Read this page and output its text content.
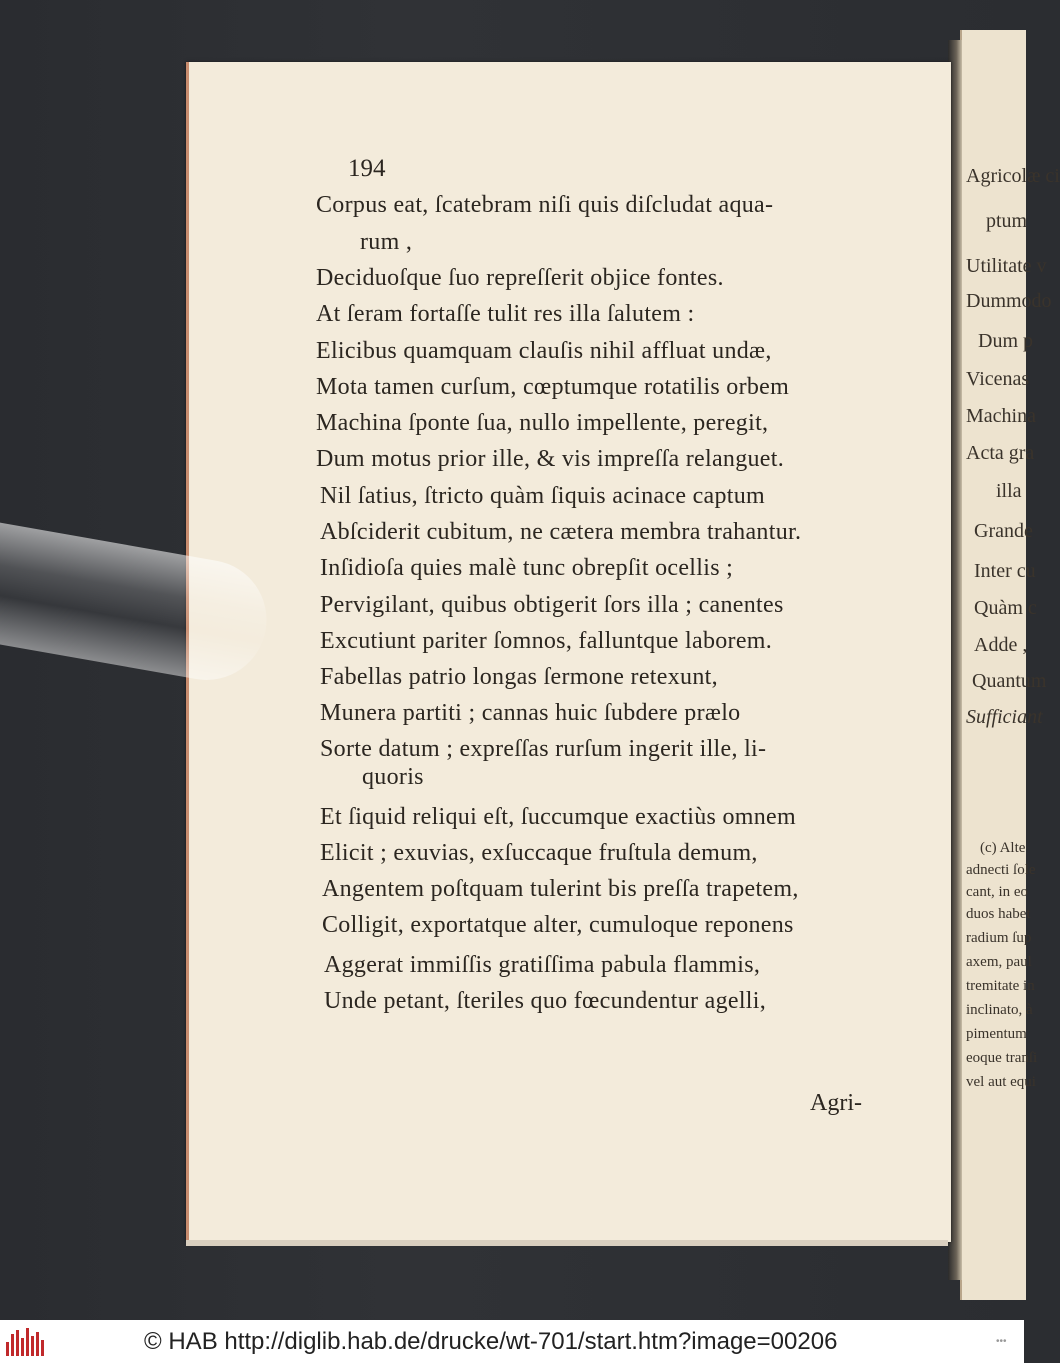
194
Corpus eat, ſcatebram niſi quis diſcludat aqua-
rum ,
Deciduoſque ſuo repreſſerit objice fontes.
At ſeram fortaſſe tulit res illa ſalutem :
Elicibus quamquam clauſis nihil affluat undæ,
Mota tamen curſum, cœptumque rotatilis orbem
Machina ſponte ſua, nullo impellente, peregit,
Dum motus prior ille, & vis impreſſa relanguet.
Nil ſatius, ſtricto quàm ſiquis acinace captum
Abſciderit cubitum, ne cætera membra trahantur.
Inſidioſa quies malè tunc obrepſit ocellis ;
Pervigilant, quibus obtigerit ſors illa ; canentes
Excutiunt pariter ſomnos, falluntque laborem.
Fabellas patrio longas ſermone retexunt,
Munera partiti ; cannas huic ſubdere prælo
Sorte datum ; expreſſas rurſum ingerit ille, li-
quoris
Et ſiquid reliqui eſt, ſuccumque exactiùs omnem
Elicit ; exuvias, exſuccaque fruſtula demum,
Angentem poſtquam tulerint bis preſſa trapetem,
Colligit, exportatque alter, cumuloque reponens
Aggerat immiſſis gratiſſima pabula flammis,
Unde petant, ſteriles quo fœcundentur agelli,
Agri-
Agricolæ ci
ptum
Utilitate v
Dummodo
Dum p
Vicenas
Machina
Acta gra
illa
Grande
Inter cu
Quàm c
Adde ,
Quantum
Sufficiant
(c) Alte
adnecti ſole
cant, in eo
duos habet
radium ſup
axem, paul
tremitate in
inclinato, à
pimentum
eoque tranſi
vel aut equi
© HAB http://diglib.hab.de/drucke/wt-701/start.htm?image=00206	•••
